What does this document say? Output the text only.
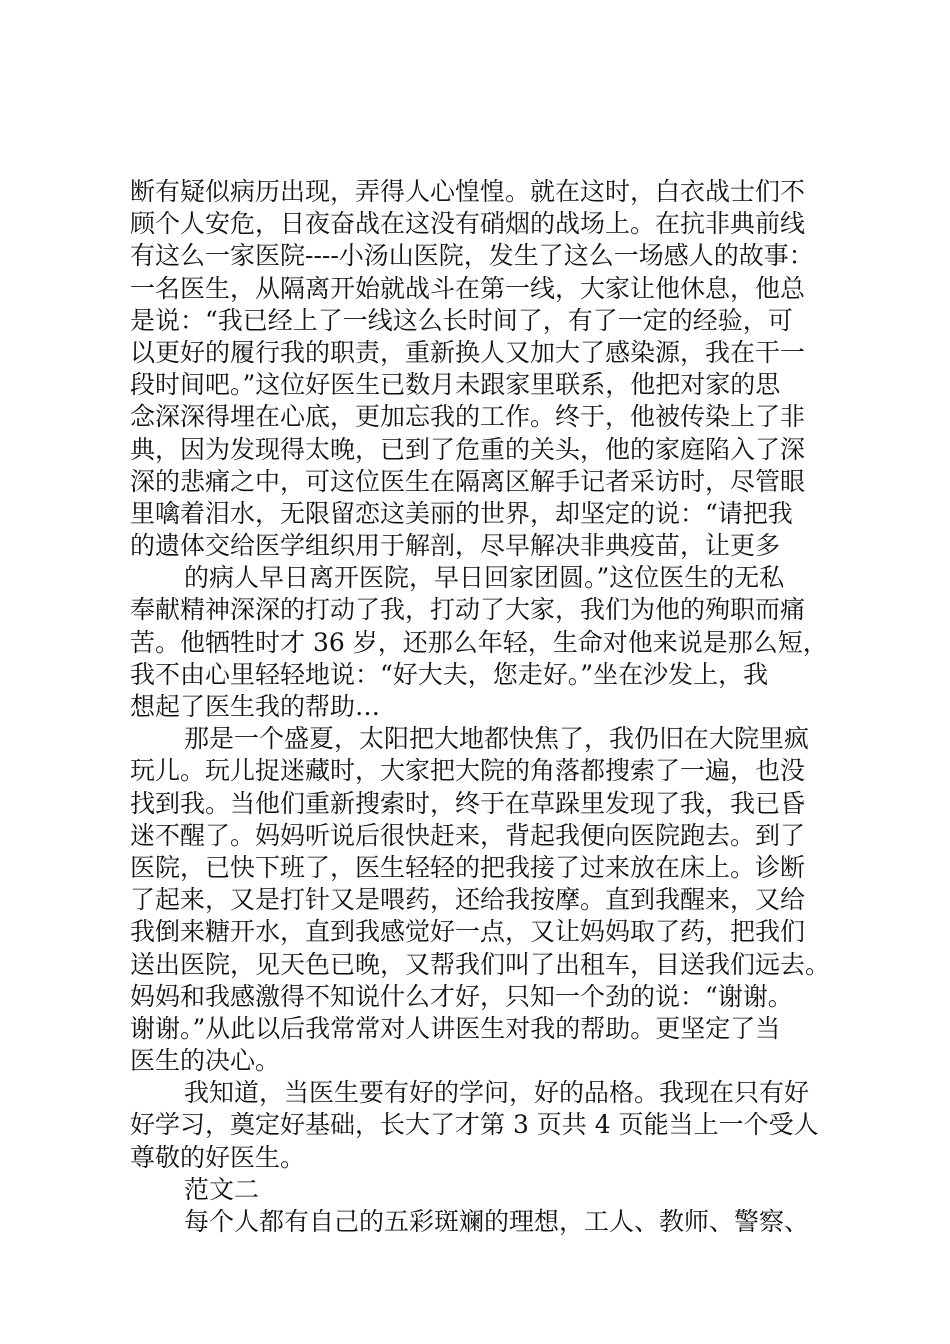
断有疑似病历出现，弄得人心惶惶。就在这时，白衣战士们不
顾个人安危，日夜奋战在这没有硝烟的战场上。在抗非典前线
有这么一家医院----小汤山医院，发生了这么一场感人的故事：
一名医生，从隔离开始就战斗在第一线，大家让他休息，他总
是说：“我已经上了一线这么长时间了，有了一定的经验，可
以更好的履行我的职责，重新换人又加大了感染源，我在干一
段时间吧。”这位好医生已数月未跟家里联系，他把对家的思
念深深得埋在心底，更加忘我的工作。终于，他被传染上了非
典，因为发现得太晚，已到了危重的关头，他的家庭陷入了深
深的悲痛之中，可这位医生在隔离区解手记者采访时，尽管眼
里噙着泪水，无限留恋这美丽的世界，却坚定的说：“请把我
的遗体交给医学组织用于解剖，尽早解决非典疫苗，让更多
的病人早日离开医院，早日回家团圆。”这位医生的无私
奉献精神深深的打动了我，打动了大家，我们为他的殉职而痛
苦。他牺牲时才 36 岁，还那么年轻，生命对他来说是那么短，
我不由心里轻轻地说：“好大夫，您走好。”坐在沙发上，我
想起了医生我的帮助…
那是一个盛夏，太阳把大地都快焦了，我仍旧在大院里疯
玩儿。玩儿捉迷藏时，大家把大院的角落都搜索了一遍，也没
找到我。当他们重新搜索时，终于在草跺里发现了我，我已昏
迷不醒了。妈妈听说后很快赶来，背起我便向医院跑去。到了
医院，已快下班了，医生轻轻的把我接了过来放在床上。诊断
了起来，又是打针又是喂药，还给我按摩。直到我醒来，又给
我倒来糖开水，直到我感觉好一点，又让妈妈取了药，把我们
送出医院，见天色已晚，又帮我们叫了出租车，目送我们远去。
妈妈和我感激得不知说什么才好，只知一个劲的说：“谢谢。
谢谢。”从此以后我常常对人讲医生对我的帮助。更坚定了当
医生的决心。
我知道，当医生要有好的学问，好的品格。我现在只有好
好学习，奠定好基础，长大了才第 3 页共 4 页能当上一个受人
尊敬的好医生。
范文二
每个人都有自己的五彩斑斓的理想，工人、教师、警察、
